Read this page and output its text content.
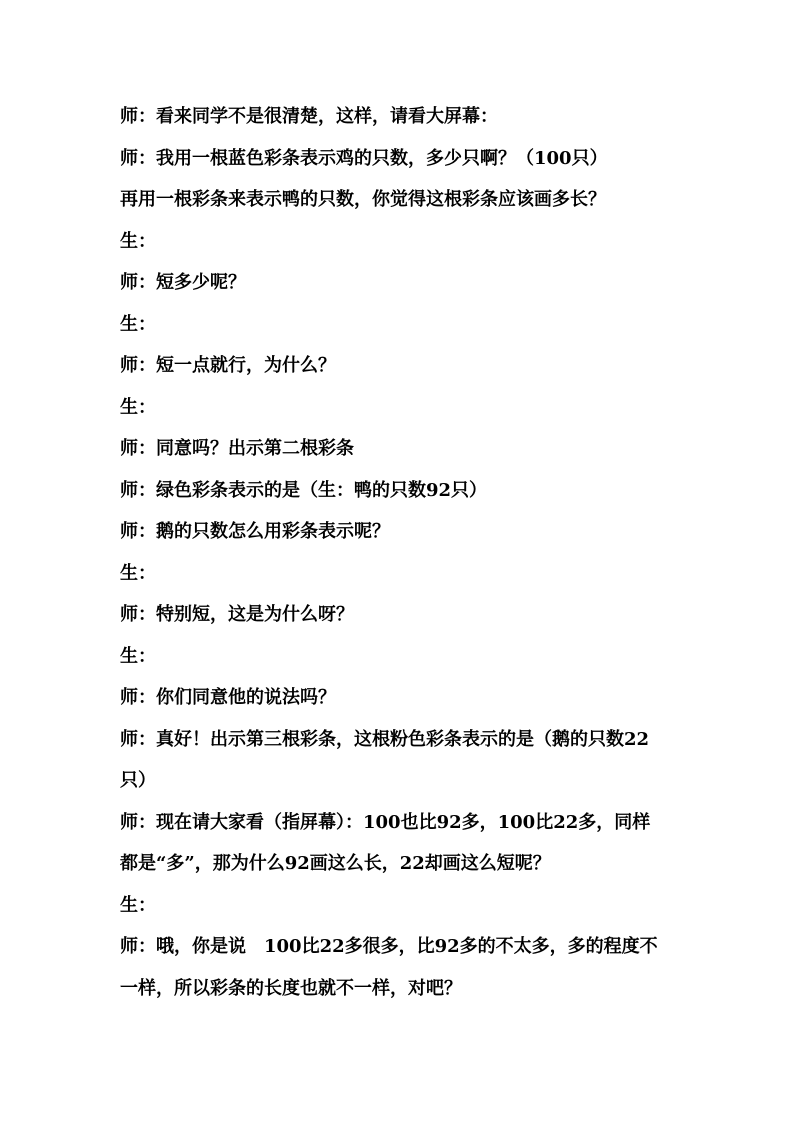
师：看来同学不是很清楚，这样，请看大屏幕：

师：我用一根蓝色彩条表示鸡的只数，多少只啊？（100只）

再用一根彩条来表示鸭的只数，你觉得这根彩条应该画多长？

生：

师：短多少呢？

生：

师：短一点就行，为什么？

生：

师：同意吗？出示第二根彩条

师：绿色彩条表示的是（生：鸭的只数92只）

师：鹅的只数怎么用彩条表示呢？

生：

师：特别短，这是为什么呀？

生：

师：你们同意他的说法吗？

师：真好！出示第三根彩条，这根粉色彩条表示的是（鹅的只数22

只）

师：现在请大家看（指屏幕）：100也比92多，100比22多，同样

都是“多”，那为什么92画这么长，22却画这么短呢？

生：

师：哦，你是说　100比22多很多，比92多的不太多，多的程度不

一样，所以彩条的长度也就不一样，对吧？
